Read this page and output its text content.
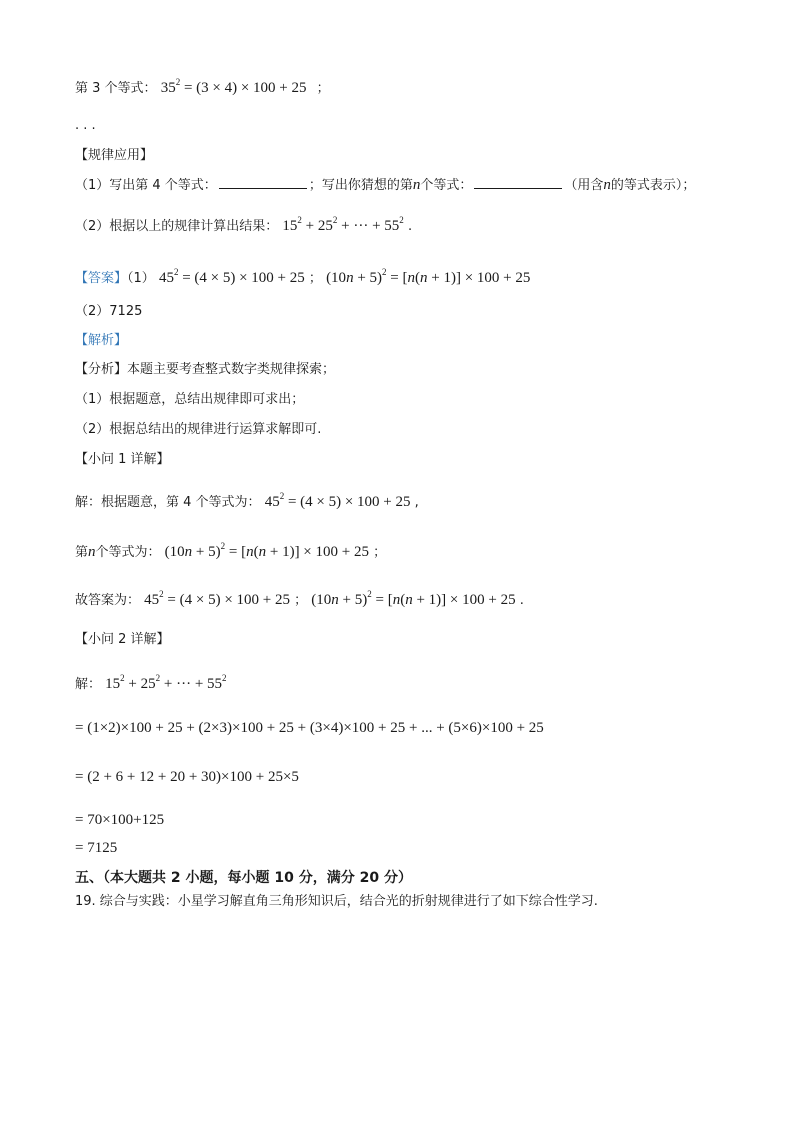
第 3 个等式： $35^2 = (3 \times 4) \times 100 + 25$ ；
. . .
【规律应用】
（1）写出第 4 个等式：	；写出你猜想的第n个等式：	（用含n的等式表示）；
（2）根据以上的规律计算出结果： $15^2 + 25^2$ + ··· + $55^2$ .
【答案】（1） $45^2 = (4 \times 5) \times 100 + 25$ ； $(10n + 5)^2 = [n(n + 1)] \times 100 + 25$
（2）7125
【解析】
【分析】本题主要考查整式数字类规律探索；
（1）根据题意，总结出规律即可求出；
（2）根据总结出的规律进行运算求解即可.
【小问 1 详解】
解：根据题意，第 4 个等式为： $45^2 = (4 \times 5) \times 100 + 25$ ,
第n个等式为： $(10n + 5)^2 = [n(n + 1)] \times 100 + 25$ ；
故答案为： $45^2 = (4 \times 5) \times 100 + 25$ ； $(10n + 5)^2 = [n(n + 1)] \times 100 + 25$ .
【小问 2 详解】
解： $15^2 + 25^2$ + ··· + $55^2$
= (1×2)×100 + 25 + (2×3)×100 + 25 + (3×4)×100 + 25 + ... + (5×6)×100 + 25
= (2 + 6 + 12 + 20 + 30)×100 + 25×5
= 70×100+125
= 7125
五、（本大题共 2 小题，每小题 10 分，满分 20 分）
19. 综合与实践：小星学习解直角三角形知识后，结合光的折射规律进行了如下综合性学习.
